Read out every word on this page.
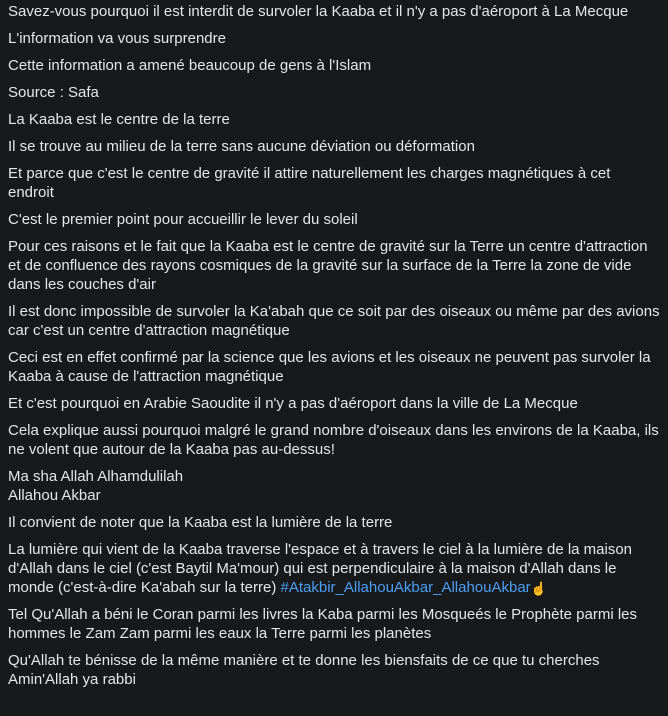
Savez-vous pourquoi il est interdit de survoler la Kaaba et il n'y a pas d'aéroport à La Mecque

L'information va vous surprendre

Cette information a amené beaucoup de gens à l'Islam

Source : Safa

La Kaaba est le centre de la terre

Il se trouve au milieu de la terre sans aucune déviation ou déformation

Et parce que c'est le centre de gravité il attire naturellement les charges magnétiques à cet endroit

C'est le premier point pour accueillir le lever du soleil

Pour ces raisons et le fait que la Kaaba est le centre de gravité sur la Terre un centre d'attraction et de confluence des rayons cosmiques de la gravité sur la surface de la Terre la zone de vide dans les couches d'air

Il est donc impossible de survoler la Ka'abah que ce soit par des oiseaux ou même par des avions car c'est un centre d'attraction magnétique

Ceci est en effet confirmé par la science que les avions et les oiseaux ne peuvent pas survoler la Kaaba à cause de l'attraction magnétique

Et c'est pourquoi en Arabie Saoudite il n'y a pas d'aéroport dans la ville de La Mecque

Cela explique aussi pourquoi malgré le grand nombre d'oiseaux dans les environs de la Kaaba, ils ne volent que autour de la Kaaba pas au-dessus!

Ma sha Allah Alhamdulilah
Allahou Akbar

Il convient de noter que la Kaaba est la lumière de la terre

La lumière qui vient de la Kaaba traverse l'espace et à travers le ciel à la lumière de la maison d'Allah dans le ciel (c'est Baytil Ma'mour) qui est perpendiculaire à la maison d'Allah dans le monde (c'est-à-dire Ka'abah sur la terre) #Atakbir_AllahouAkbar_AllahouAkbar☝️

Tel Qu'Allah a béni le Coran parmi les livres la Kaba parmi les Mosqueés le Prophète parmi les hommes le Zam Zam parmi les eaux la Terre parmi les planètes

Qu'Allah te bénisse de la même manière et te donne les biensfaits de ce que tu cherches
Amin'Allah ya rabbi
